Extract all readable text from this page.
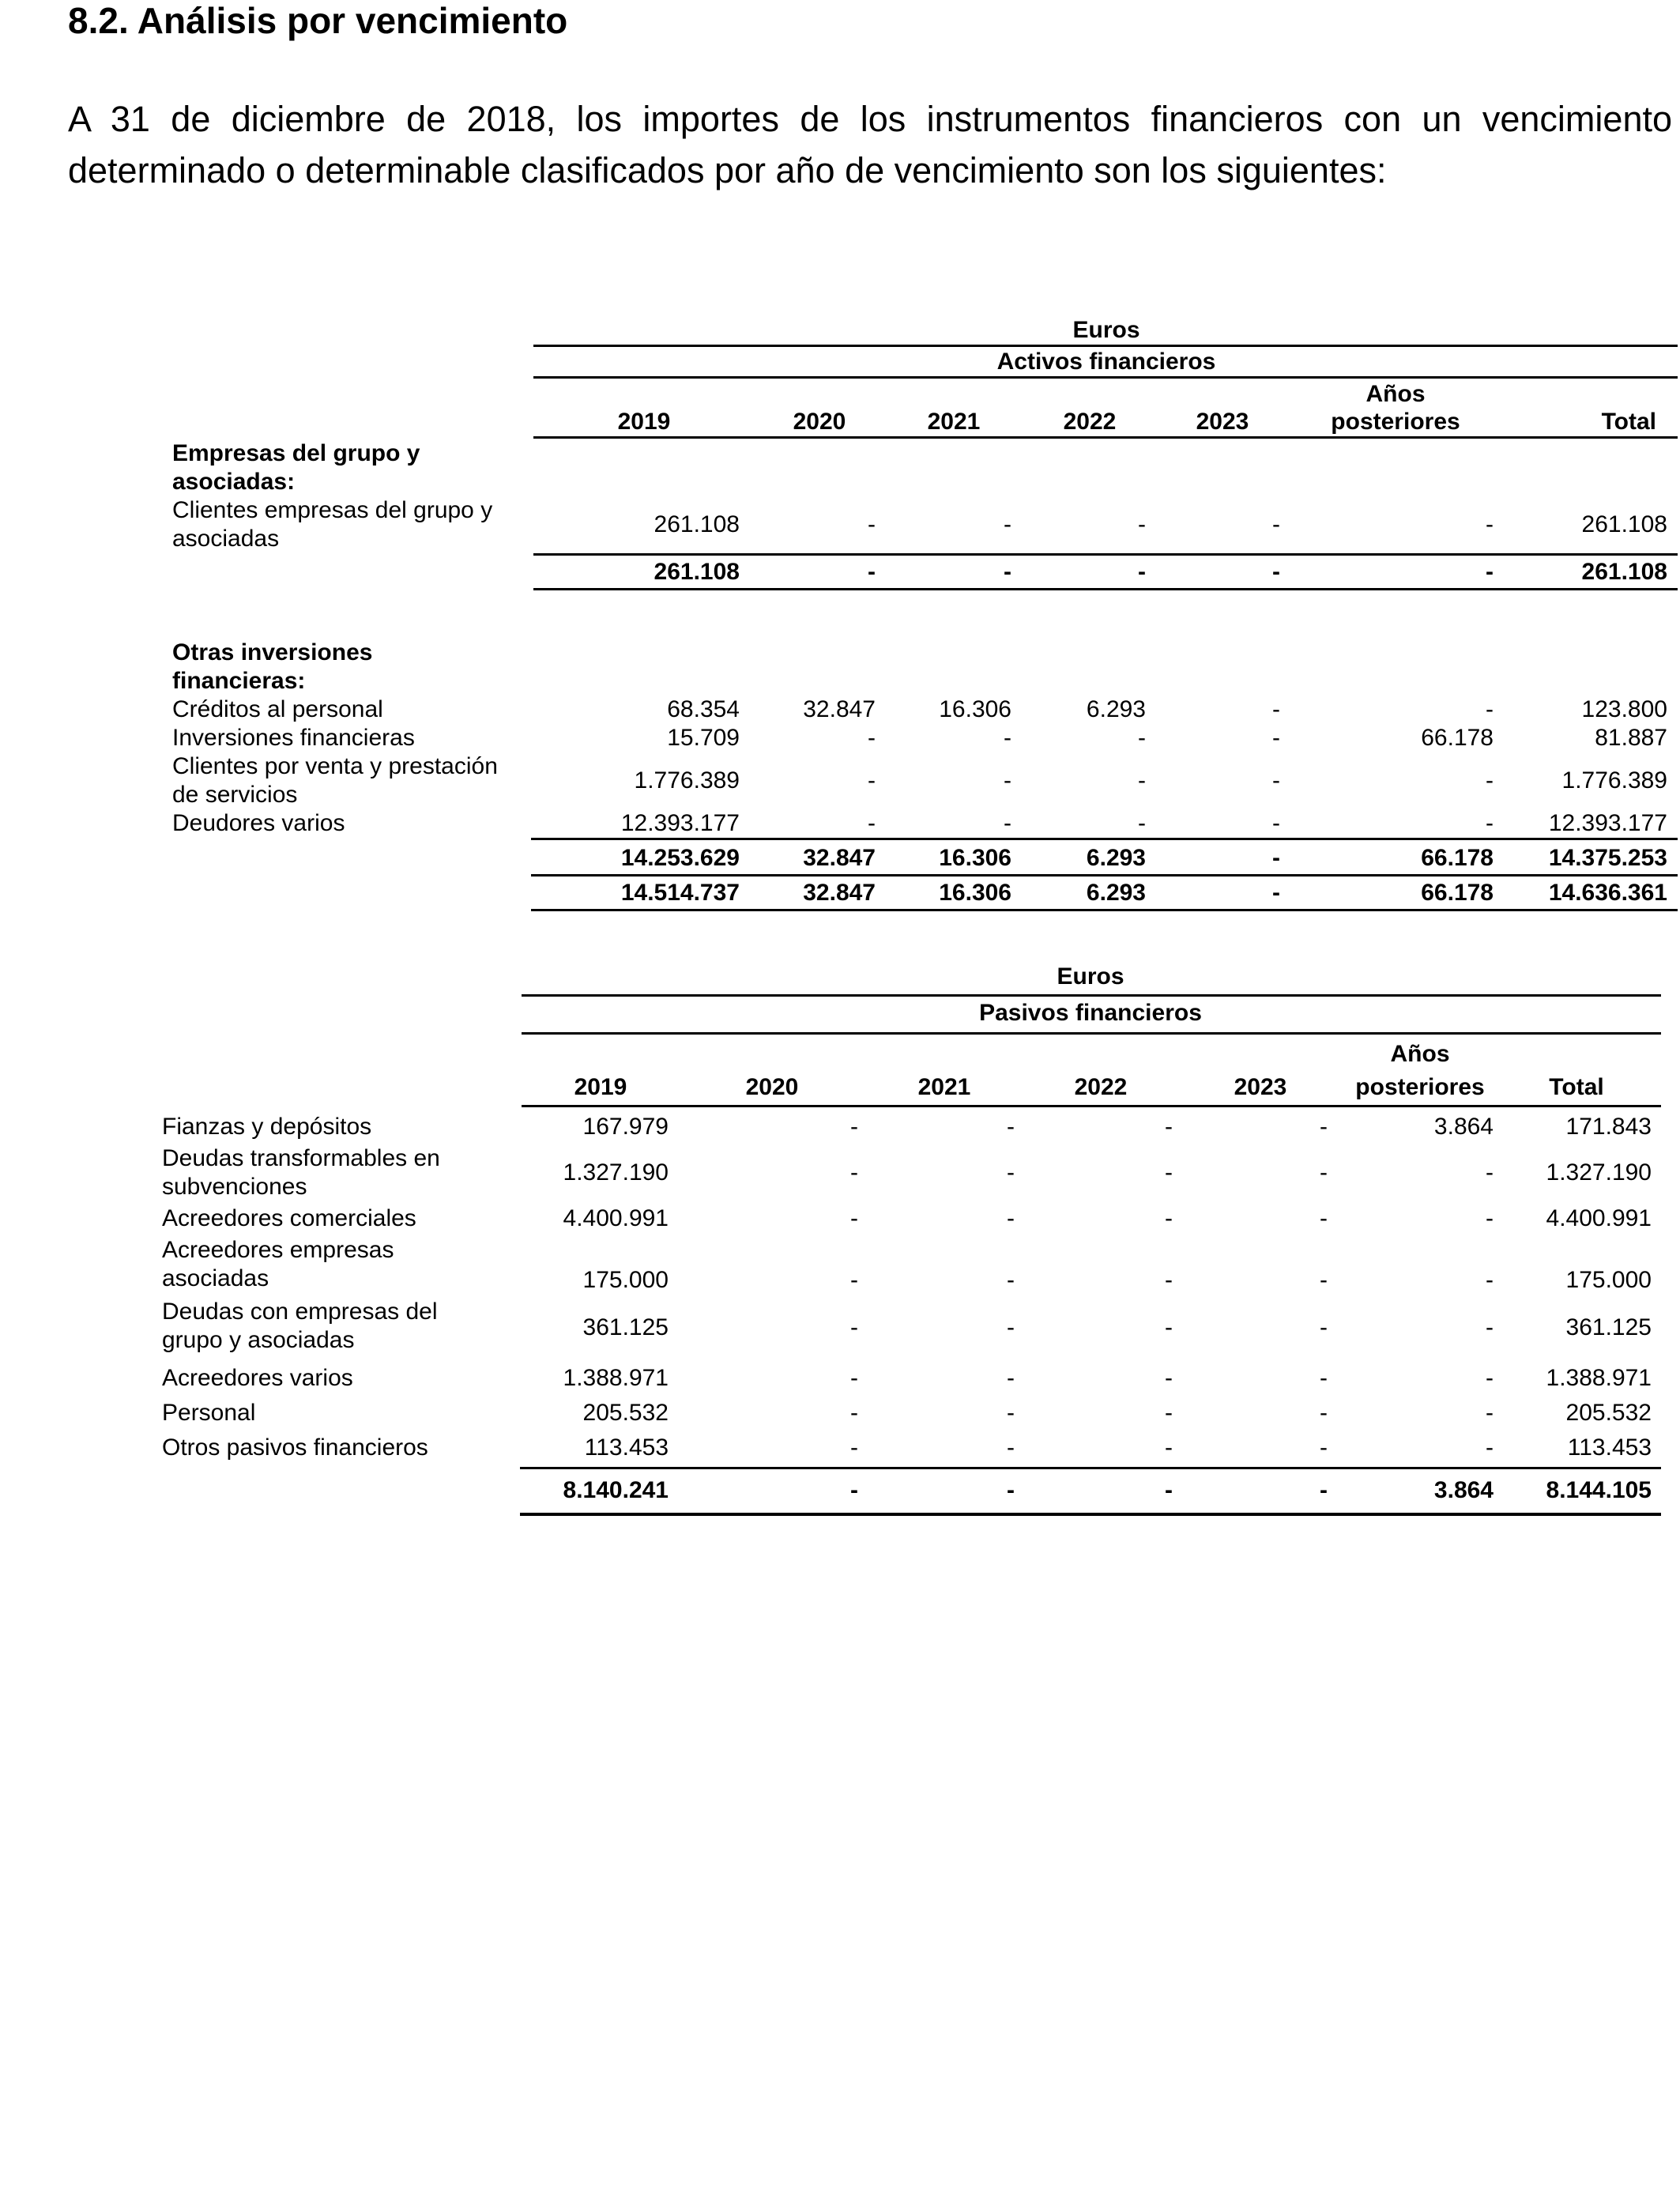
8.2. Análisis por vencimiento

A 31 de diciembre de 2018, los importes de los instrumentos financieros con un vencimiento
determinado o determinable clasificados por año de vencimiento son los siguientes:

Euros
Activos financieros
Años
2019	2020	2021	2022	2023	posteriores	Total
Empresas del grupo y
asociadas:
Clientes empresas del grupo y
asociadas
261.108	-	-	-	-	-	261.108
261.108	-	-	-	-	-	261.108
Otras inversiones
financieras:
Créditos al personal	68.354	32.847	16.306	6.293	-	-	123.800
Inversiones financieras	15.709	-	-	-	-	66.178	81.887
Clientes por venta y prestación
de servicios
1.776.389	-	-	-	-	-	1.776.389
Deudores varios	12.393.177	-	-	-	-	-	12.393.177
14.253.629	32.847	16.306	6.293	-	66.178	14.375.253
14.514.737	32.847	16.306	6.293	-	66.178	14.636.361
Euros
Pasivos financieros
Años
2019	2020	2021	2022	2023	posteriores	Total
Fianzas y depósitos	167.979	-	-	-	-	3.864	171.843
Deudas transformables en
subvenciones
1.327.190	-	-	-	-	-	1.327.190
Acreedores comerciales	4.400.991	-	-	-	-	-	4.400.991
Acreedores empresas
asociadas	175.000	-	-	-	-	-	175.000
Deudas con empresas del
grupo y asociadas	361.125	-	-	-	-	-	361.125
Acreedores varios	1.388.971	-	-	-	-	-	1.388.971
Personal	205.532	-	-	-	-	-	205.532
Otros pasivos financieros	113.453	-	-	-	-	-	113.453
8.140.241	-	-	-	-	3.864	8.144.105
